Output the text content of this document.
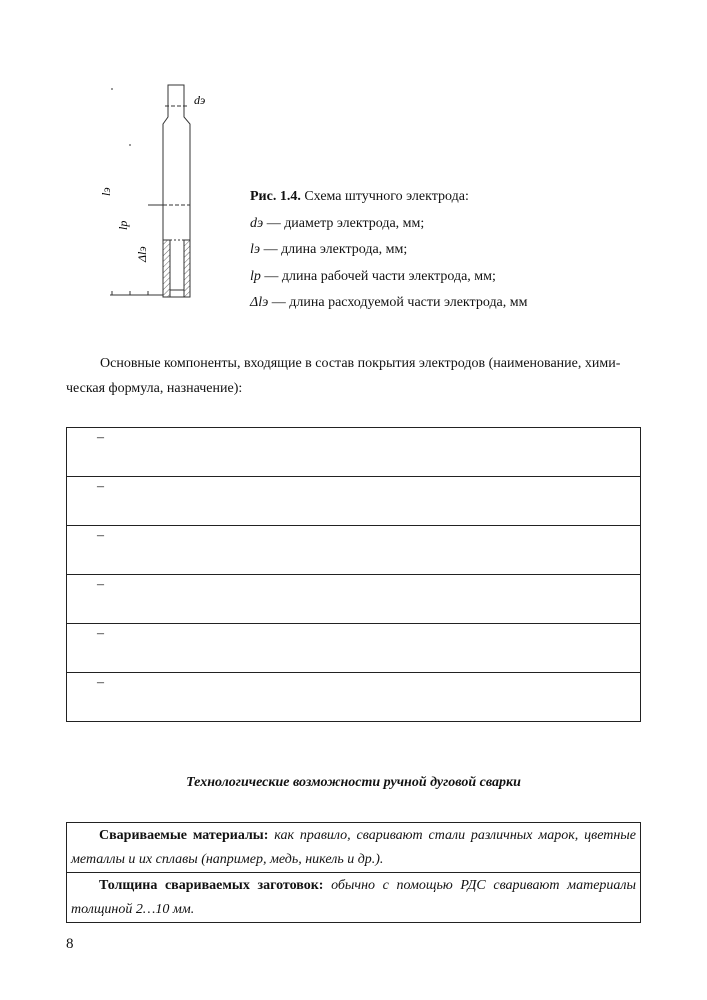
dэ
lэ
lр
Δlэ
Рис. 1.4. Схема штучного электрода:
dэ — диаметр электрода, мм;
lэ — длина электрода, мм;
lр — длина рабочей части электрода, мм;
Δlэ — длина расходуемой части электрода, мм
Основные компоненты, входящие в состав покрытия электродов (наименование, хими-
ческая формула, назначение):
–
–
–
–
–
–
Технологические возможности ручной дуговой сварки
Свариваемые материалы: как правило, сваривают стали различных марок, цветные металлы и их сплавы (например, медь, никель и др.).
Толщина свариваемых заготовок: обычно с помощью РДС сваривают материалы толщиной 2…10 мм.
8
